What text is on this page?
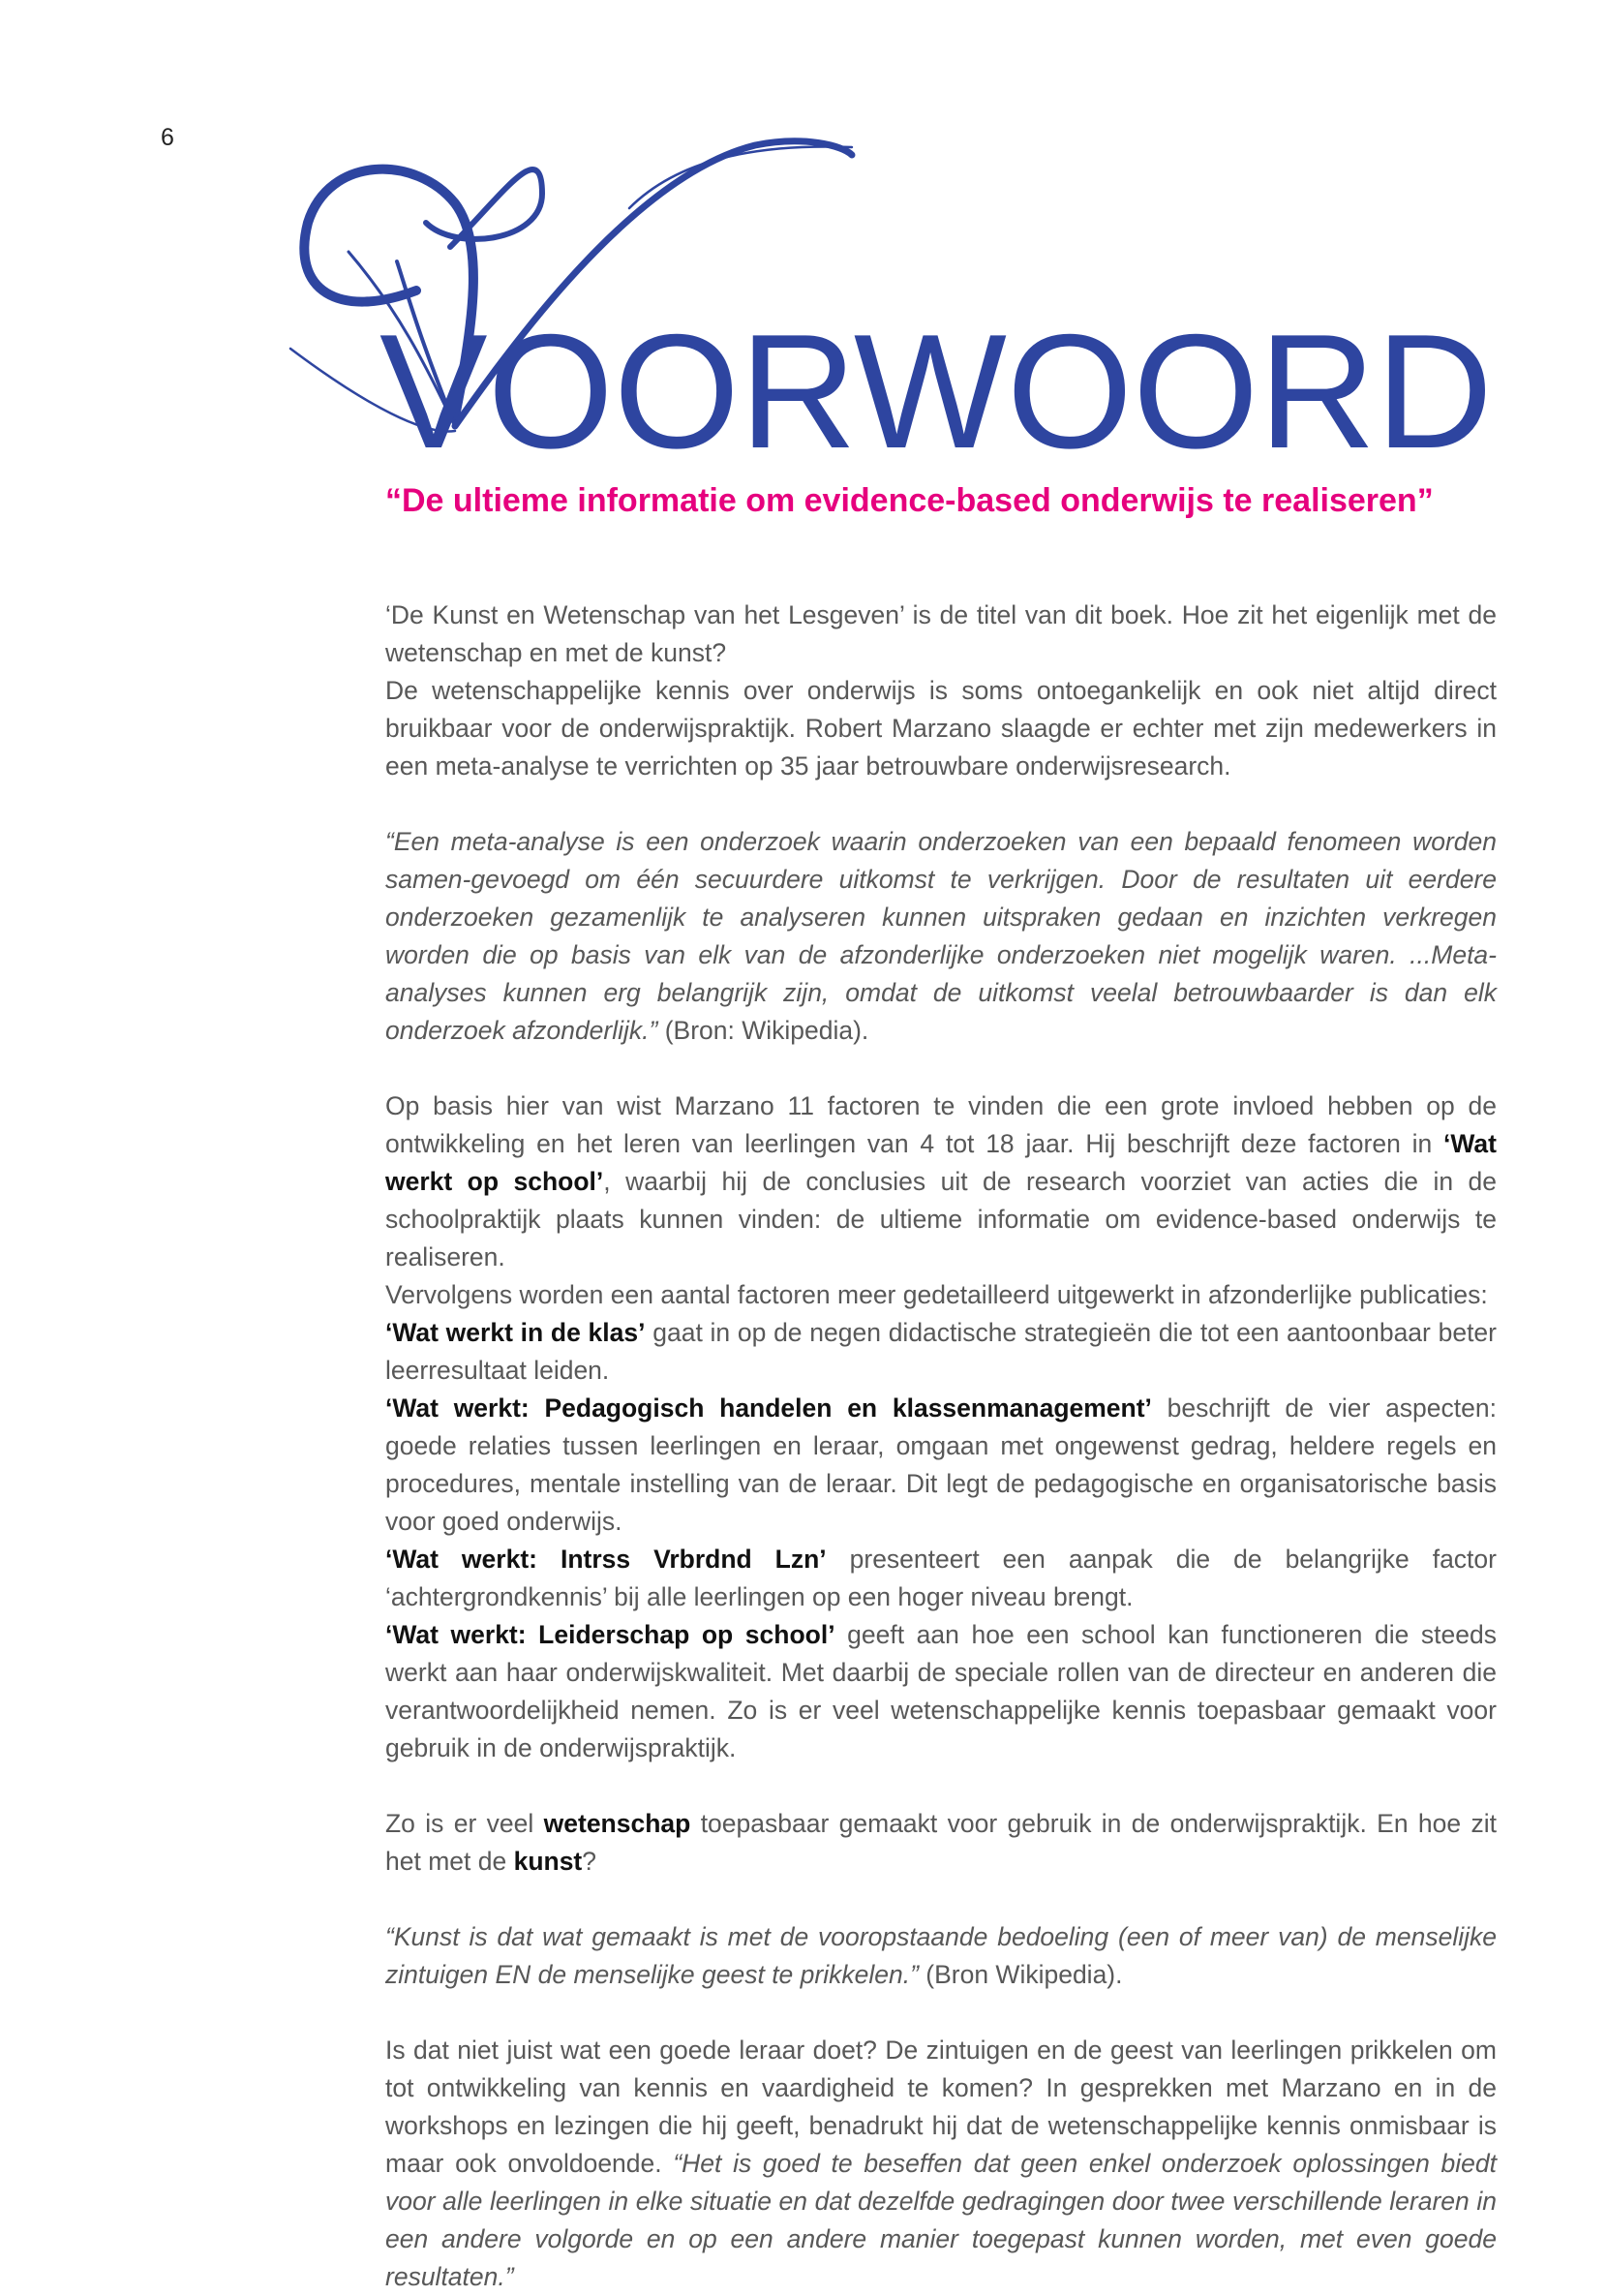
6
VOORWOORD
“De ultieme informatie om evidence-based onderwijs te realiseren”

‘De Kunst en Wetenschap van het Lesgeven’ is de titel van dit boek. Hoe zit het eigenlijk met de wetenschap en met de kunst?

De wetenschappelijke kennis over onderwijs is soms ontoegankelijk en ook niet altijd direct bruikbaar voor de onderwijspraktijk. Robert Marzano slaagde er echter met zijn medewerkers in een meta-analyse te verrichten op 35 jaar betrouwbare onderwijsresearch.

“Een meta-analyse is een onderzoek waarin onderzoeken van een bepaald fenomeen worden samen-gevoegd om één secuurdere uitkomst te verkrijgen. Door de resultaten uit eerdere onderzoeken gezamenlijk te analyseren kunnen uitspraken gedaan en inzichten verkregen worden die op basis van elk van de afzonderlijke onderzoeken niet mogelijk waren. ...Meta-analyses kunnen erg belangrijk zijn, omdat de uitkomst veelal betrouwbaarder is dan elk onderzoek afzonderlijk.” (Bron: Wikipedia).

Op basis hier van wist Marzano 11 factoren te vinden die een grote invloed hebben op de ontwikkeling en het leren van leerlingen van 4 tot 18 jaar. Hij beschrijft deze factoren in ‘Wat werkt op school’, waarbij hij de conclusies uit de research voorziet van acties die in de schoolpraktijk plaats kunnen vinden: de ultieme informatie om evidence-based onderwijs te realiseren.

Vervolgens worden een aantal factoren meer gedetailleerd uitgewerkt in afzonderlijke publicaties:

‘Wat werkt in de klas’ gaat in op de negen didactische strategieën die tot een aantoonbaar beter leerresultaat leiden.

‘Wat werkt: Pedagogisch handelen en klassenmanagement’ beschrijft de vier aspecten: goede relaties tussen leerlingen en leraar, omgaan met ongewenst gedrag, heldere regels en procedures, mentale instelling van de leraar. Dit legt de pedagogische en organisatorische basis voor goed onderwijs.

‘Wat werkt: Intrss Vrbrdnd Lzn’ presenteert een aanpak die de belangrijke factor ‘achtergrondkennis’ bij alle leerlingen op een hoger niveau brengt.

‘Wat werkt: Leiderschap op school’ geeft aan hoe een school kan functioneren die steeds werkt aan haar onderwijskwaliteit. Met daarbij de speciale rollen van de directeur en anderen die verantwoordelijkheid nemen. Zo is er veel wetenschappelijke kennis toepasbaar gemaakt voor gebruik in de onderwijspraktijk.

Zo is er veel wetenschap toepasbaar gemaakt voor gebruik in de onderwijspraktijk. En hoe zit het met de kunst?

“Kunst is dat wat gemaakt is met de vooropstaande bedoeling (een of meer van) de menselijke zintuigen EN de menselijke geest te prikkelen.” (Bron Wikipedia).

Is dat niet juist wat een goede leraar doet? De zintuigen en de geest van leerlingen prikkelen om tot ontwikkeling van kennis en vaardigheid te komen? In gesprekken met Marzano en in de workshops en lezingen die hij geeft, benadrukt hij dat de wetenschappelijke kennis onmisbaar is maar ook onvoldoende. “Het is goed te beseffen dat geen enkel onderzoek oplossingen biedt voor alle leerlingen in elke situatie en dat dezelfde gedragingen door twee verschillende leraren in een andere volgorde en op een andere manier toegepast kunnen worden, met even goede resultaten.”
